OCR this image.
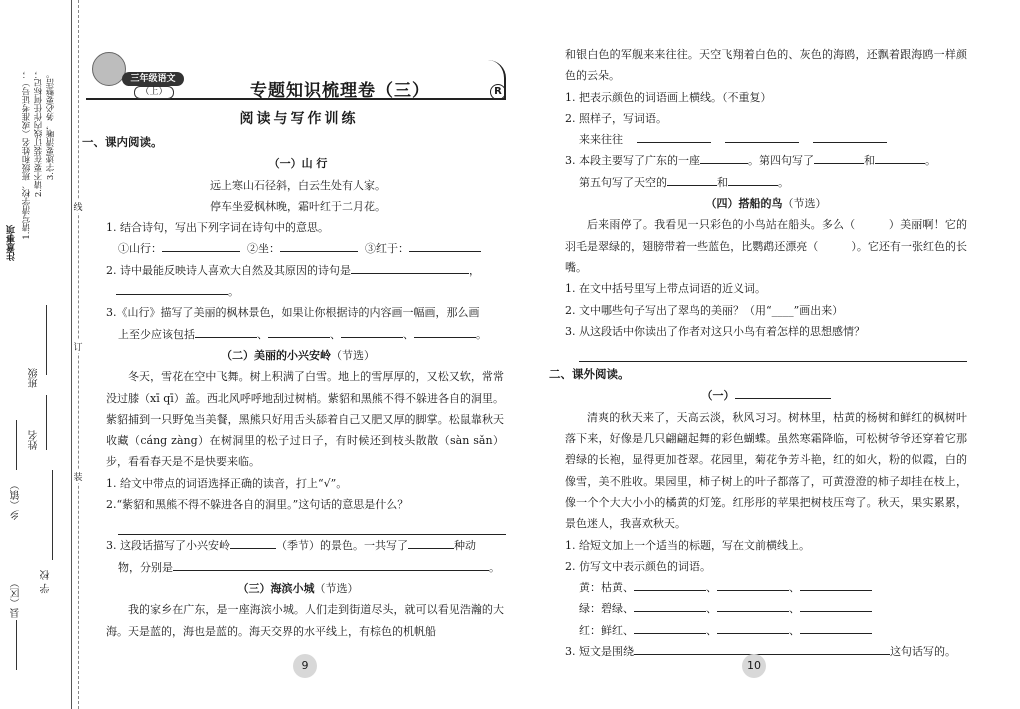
注意事项
1.请写清学校、班级和姓名（或准考证号）； 2.请不要在装订线内作任何标记； 3.字迹要清晰，务必要整洁。
班级
姓名
县（区）
乡（镇）
学 校
线
订
装
三年级语文
（上）	专题知识梳理卷（三）	R
阅读与写作训练
一、课内阅读。
（一）山 行
远上寒山石径斜，白云生处有人家。
停车坐爱枫林晚，霜叶红于二月花。
1. 结合诗句，写出下列字词在诗句中的意思。
①山行：	②坐：	③红于：
2. 诗中最能反映诗人喜欢大自然及其原因的诗句是	，
。
3.《山行》描写了美丽的枫林景色，如果让你根据诗的内容画一幅画，那么画
上至少应该包括	、	、	、	。
（二）美丽的小兴安岭（节选）
冬天，雪花在空中飞舞。树上积满了白雪。地上的雪厚厚的，又松又软，常常没过膝（xī qī）盖。西北风呼呼地刮过树梢。紫貂和黑熊不得不躲进各自的洞里。紫貂捕到一只野兔当美餐，黑熊只好用舌头舔着自己又肥又厚的脚掌。松鼠靠秋天收藏（cáng zàng）在树洞里的松子过日子，有时候还到枝头散散（sàn sǎn）步，看看春天是不是快要来临。
1. 给文中带点的词语选择正确的读音，打上“√”。
2.“紫貂和黑熊不得不躲进各自的洞里。”这句话的意思是什么？
3. 这段话描写了小兴安岭	（季节）的景色。一共写了	种动
物，分别是	。
（三）海滨小城（节选）
我的家乡在广东，是一座海滨小城。人们走到街道尽头，就可以看见浩瀚的大海。天是蓝的，海也是蓝的。海天交界的水平线上，有棕色的机帆船
9
和银白色的军舰来来往往。天空飞翔着白色的、灰色的海鸥，还飘着跟海鸥一样颜色的云朵。
1. 把表示颜色的词语画上横线。（不重复）
2. 照样子，写词语。
来来往往
3. 本段主要写了广东的一座	。第四句写了	和	。
第五句写了天空的	和	。
（四）搭船的鸟（节选）
后来雨停了。我看见一只彩色的小鸟站在船头。多么（　　　）美丽啊！它的羽毛是翠绿的，翅膀带着一些蓝色，比鹦鹉还漂亮（　　　）。它还有一张红色的长嘴。
1. 在文中括号里写上带点词语的近义词。
2. 文中哪些句子写出了翠鸟的美丽？（用“____”画出来）
3. 从这段话中你读出了作者对这只小鸟有着怎样的思想感情？
二、课外阅读。
（一）
清爽的秋天来了，天高云淡，秋风习习。树林里，枯黄的杨树和鲜红的枫树叶落下来，好像是几只翩翩起舞的彩色蝴蝶。虽然寒霜降临，可松树爷爷还穿着它那碧绿的长袍，显得更加苍翠。花园里，菊花争芳斗艳，红的如火，粉的似霞，白的像雪，美不胜收。果园里，柿子树上的叶子都落了，可黄澄澄的柿子却挂在枝上，像一个个大大小小的橘黄的灯笼。红彤彤的苹果把树枝压弯了。秋天，果实累累，景色迷人，我喜欢秋天。
1. 给短文加上一个适当的标题，写在文前横线上。
2. 仿写文中表示颜色的词语。
黄：枯黄、	、	、
绿：碧绿、	、	、
红：鲜红、	、	、
3. 短文是围绕	这句话写的。
10
